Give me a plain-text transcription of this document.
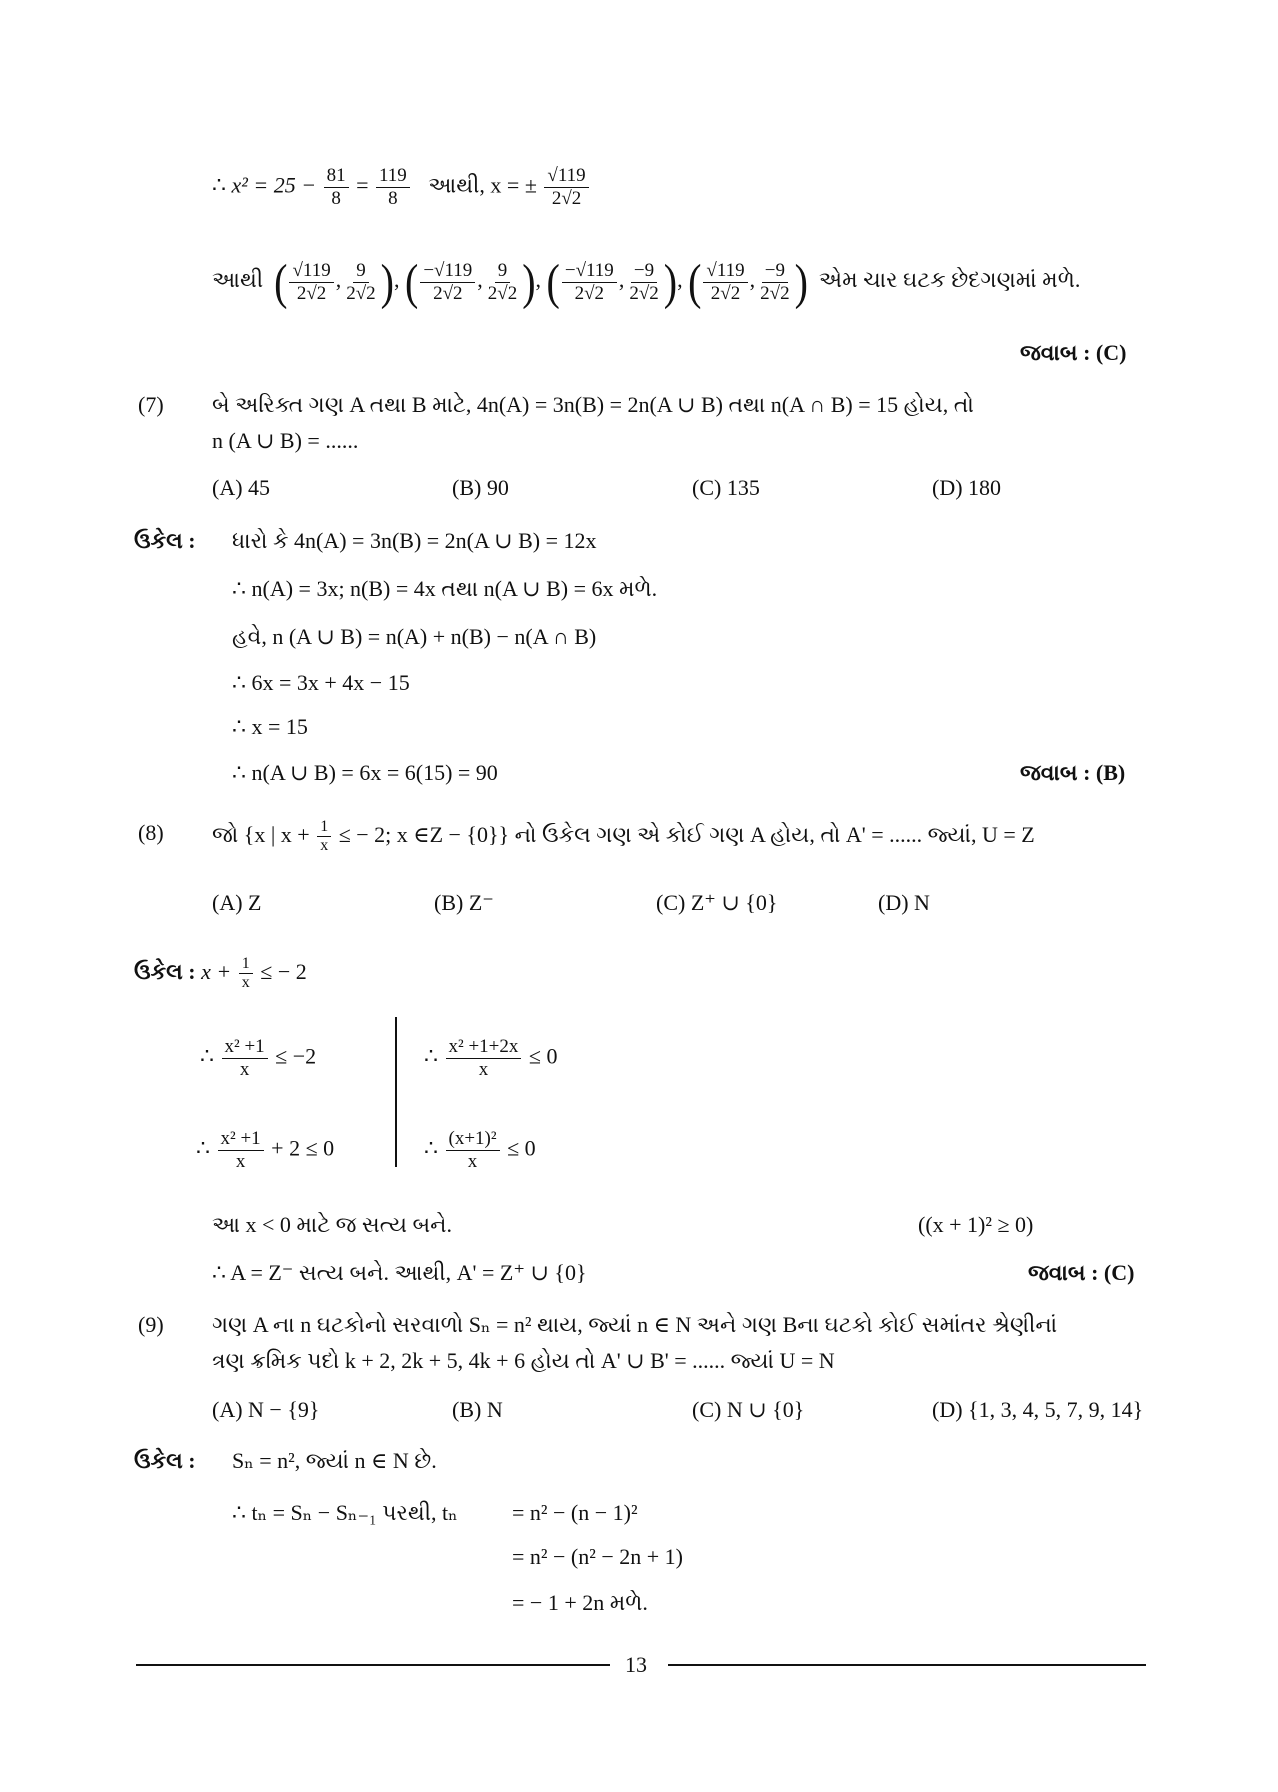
∴ $x^2 = 25 - \frac{81}{8} = \frac{119}{8}$ આથી, x = ± $\frac{√119}{2√2}$
આથી ( $\frac{√119}{2√2}$ , $\frac{9}{2√2}$ ), ( $\frac{-√119}{2√2}$ , $\frac{9}{2√2}$ ), ( $\frac{-√119}{2√2}$ , $\frac{-9}{2√2}$ ), ( $\frac{√119}{2√2}$ , $\frac{-9}{2√2}$ ) એમ ચાર ઘટક છેદગણમાં મળે.
જવાબ : (C)
(7) બે અરિક્ત ગણ A તથા B માટે, 4n(A) = 3n(B) = 2n(A ∪ B) તથા n(A ∩ B) = 15 હોય, તો
n (A ∪ B) = ......
(A) 45	(B) 90	(C) 135	(D) 180
ઉકેલ : ધારો કે 4n(A) = 3n(B) = 2n(A ∪ B) = 12x
∴ n(A) = 3x; n(B) = 4x તથા n(A ∪ B) = 6x મળે.
હવે, n (A ∪ B) = n(A) + n(B) − n(A ∩ B)
∴ 6x = 3x + 4x − 15
∴ x = 15
∴ n(A ∪ B) = 6x = 6(15) = 90	જવાબ : (B)
(8) જો {x | $x + \frac{1}{x}$ ≤ − 2; x ∈Z − {0}} નો ઉકેલ ગણ એ કોઈ ગણ A હોય, તો A' = ...... જ્યાં, U = Z
(A) Z	(B) Z⁻	(C) Z⁺ ∪ {0}	(D) N
ઉકેલ : $x + \frac{1}{x}$ ≤ − 2
∴ $\frac{\text{x² +1}}{x} \le -2$
∴ $\frac{\text{x² +1}}{x} + 2 \le 0$
∴ $\frac{\text{x² +1+2x}}{x} \le 0$
∴ $\frac{\text{(x+1)²}}{x} \le 0$
આ x < 0 માટે જ સત્ય બને.	((x + 1)² ≥ 0)
∴ A = Z⁻ સત્ય બને. આથી, A' = Z⁺ ∪ {0}	જવાબ : (C)
(9) ગણ A ના n ઘટકોનો સરવાળો Sₙ = n² થાય, જ્યાં n ∈ N અને ગણ Bના ઘટકો કોઈ સમાંતર શ્રેણીનાં
ત્રણ ક્રમિક પદો k + 2, 2k + 5, 4k + 6 હોય તો A' ∪ B' = ...... જ્યાં U = N
(A) N − {9}	(B) N	(C) N ∪ {0}	(D) {1, 3, 4, 5, 7, 9, 14}
ઉકેલ : Sₙ = n², જ્યાં n ∈ N છે.
∴ tₙ = Sₙ − Sₙ₋₁ પરથી, tₙ = n² − (n − 1)²
= n² − (n² − 2n + 1)
= − 1 + 2n મળે.
13
